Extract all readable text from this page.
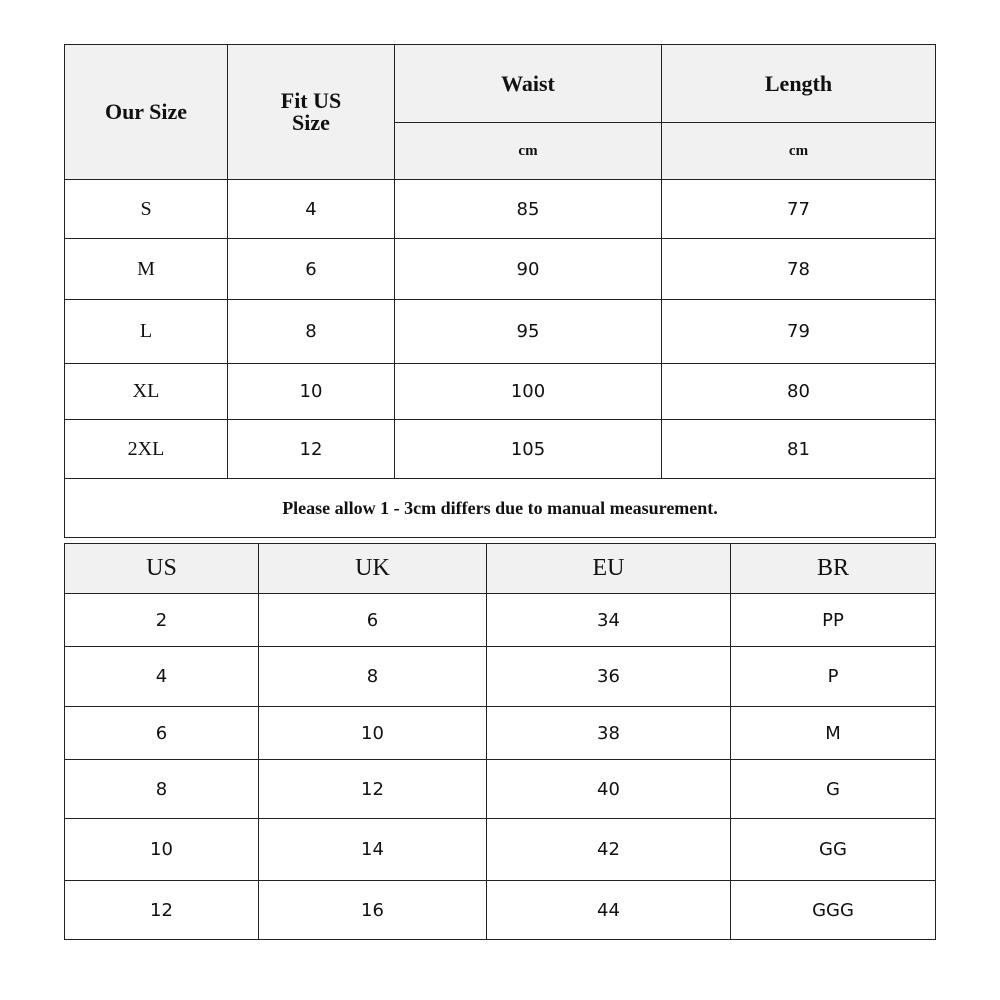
Our Size	Fit US Size	Waist	Length
		cm	cm
S	4	85	77
M	6	90	78
L	8	95	79
XL	10	100	80
2XL	12	105	81
Please allow 1 - 3cm differs due to manual measurement.			
US	UK	EU	BR
2	6	34	PP
4	8	36	P
6	10	38	M
8	12	40	G
10	14	42	GG
12	16	44	GGG
